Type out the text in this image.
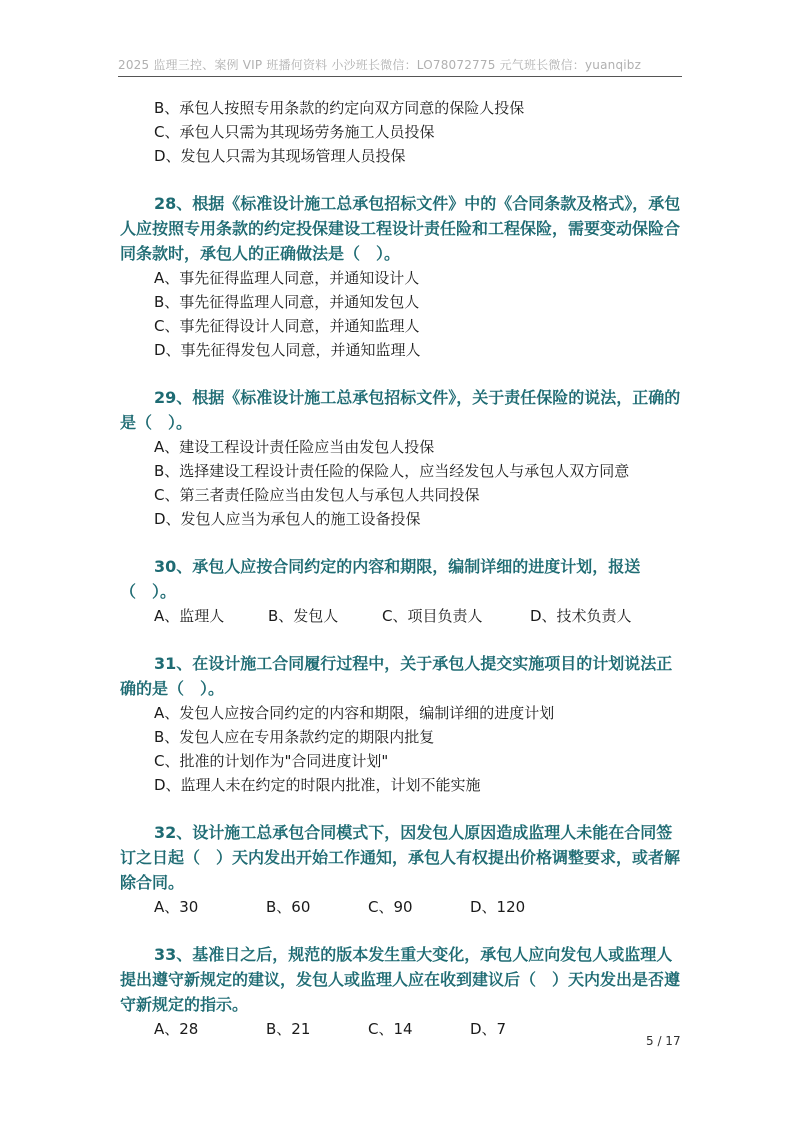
2025 监理三控、案例 VIP 班播何资料 小沙班长微信：LO78072775 元气班长微信：yuanqibz
B、承包人按照专用条款的约定向双方同意的保险人投保
C、承包人只需为其现场劳务施工人员投保
D、发包人只需为其现场管理人员投保
28、根据《标准设计施工总承包招标文件》中的《合同条款及格式》，承包人应按照专用条款的约定投保建设工程设计责任险和工程保险，需要变动保险合同条款时，承包人的正确做法是（　）。
A、事先征得监理人同意，并通知设计人
B、事先征得监理人同意，并通知发包人
C、事先征得设计人同意，并通知监理人
D、事先征得发包人同意，并通知监理人
29、根据《标准设计施工总承包招标文件》，关于责任保险的说法，正确的是（　）。
A、建设工程设计责任险应当由发包人投保
B、选择建设工程设计责任险的保险人，应当经发包人与承包人双方同意
C、第三者责任险应当由发包人与承包人共同投保
D、发包人应当为承包人的施工设备投保
30、承包人应按合同约定的内容和期限，编制详细的进度计划，报送（　）。
A、监理人	B、发包人	C、项目负责人	D、技术负责人
31、在设计施工合同履行过程中，关于承包人提交实施项目的计划说法正确的是（　）。
A、发包人应按合同约定的内容和期限，编制详细的进度计划
B、发包人应在专用条款约定的期限内批复
C、批准的计划作为"合同进度计划"
D、监理人未在约定的时限内批准，计划不能实施
32、设计施工总承包合同模式下，因发包人原因造成监理人未能在合同签订之日起（　）天内发出开始工作通知，承包人有权提出价格调整要求，或者解除合同。
A、30	B、60	C、90	D、120
33、基准日之后，规范的版本发生重大变化，承包人应向发包人或监理人提出遵守新规定的建议，发包人或监理人应在收到建议后（　）天内发出是否遵守新规定的指示。
A、28	B、21	C、14	D、7
5 / 17
